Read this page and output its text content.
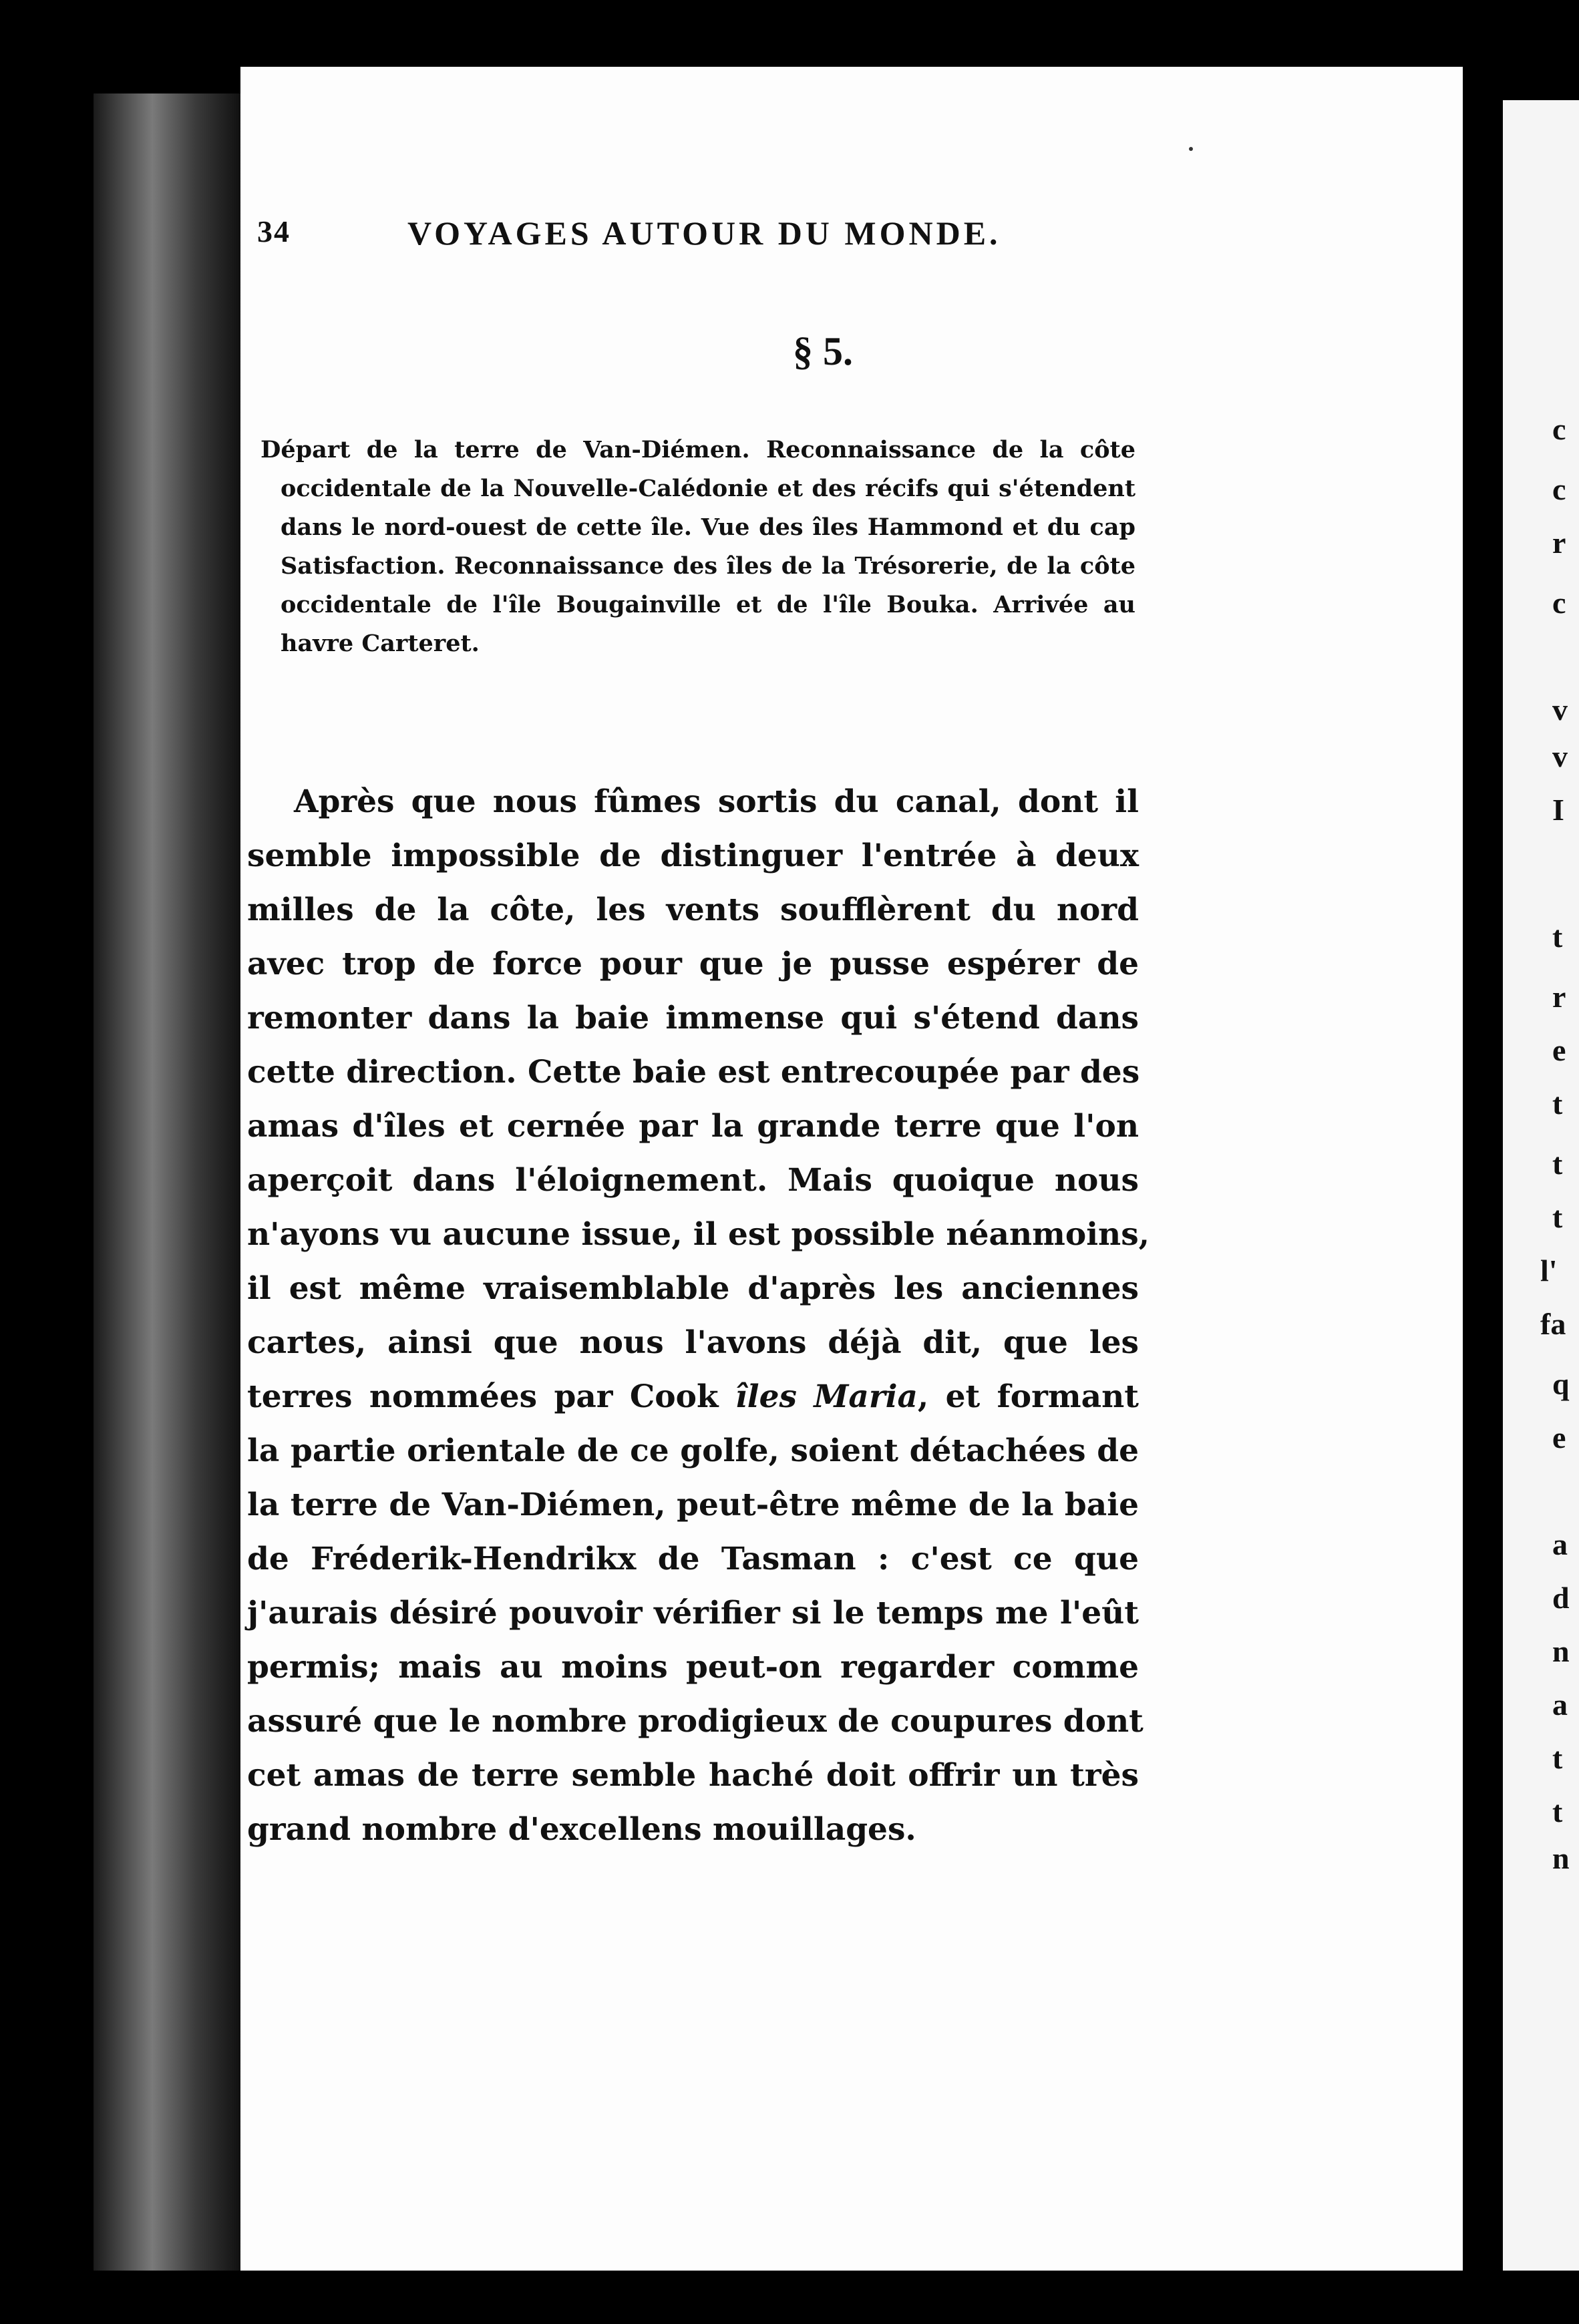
c
c
r
c
v
v
I
t
r
e
t
t
t
l'
fa
q
e
a
d
n
a
t
t
n
34	VOYAGES AUTOUR DU MONDE.
§ 5.
Départ de la terre de Van-Diémen. Reconnaissance de la côte occidentale de la Nouvelle-Calédonie et des récifs qui s'étendent dans le nord-ouest de cette île. Vue des îles Hammond et du cap Satisfaction. Reconnaissance des îles de la Trésorerie, de la côte occidentale de l'île Bougainville et de l'île Bouka. Arrivée au havre Carteret.
Après que nous fûmes sortis du canal, dont il
semble impossible de distinguer l'entrée à deux
milles de la côte, les vents soufflèrent du nord
avec trop de force pour que je pusse espérer de
remonter dans la baie immense qui s'étend dans
cette direction. Cette baie est entrecoupée par des
amas d'îles et cernée par la grande terre que l'on
aperçoit dans l'éloignement. Mais quoique nous
n'ayons vu aucune issue, il est possible néanmoins,
il est même vraisemblable d'après les anciennes
cartes, ainsi que nous l'avons déjà dit, que les
terres nommées par Cook îles Maria, et formant
la partie orientale de ce golfe, soient détachées de
la terre de Van-Diémen, peut-être même de la baie
de Fréderik-Hendrikx de Tasman : c'est ce que
j'aurais désiré pouvoir vérifier si le temps me l'eût
permis; mais au moins peut-on regarder comme
assuré que le nombre prodigieux de coupures dont
cet amas de terre semble haché doit offrir un très
grand nombre d'excellens mouillages.
